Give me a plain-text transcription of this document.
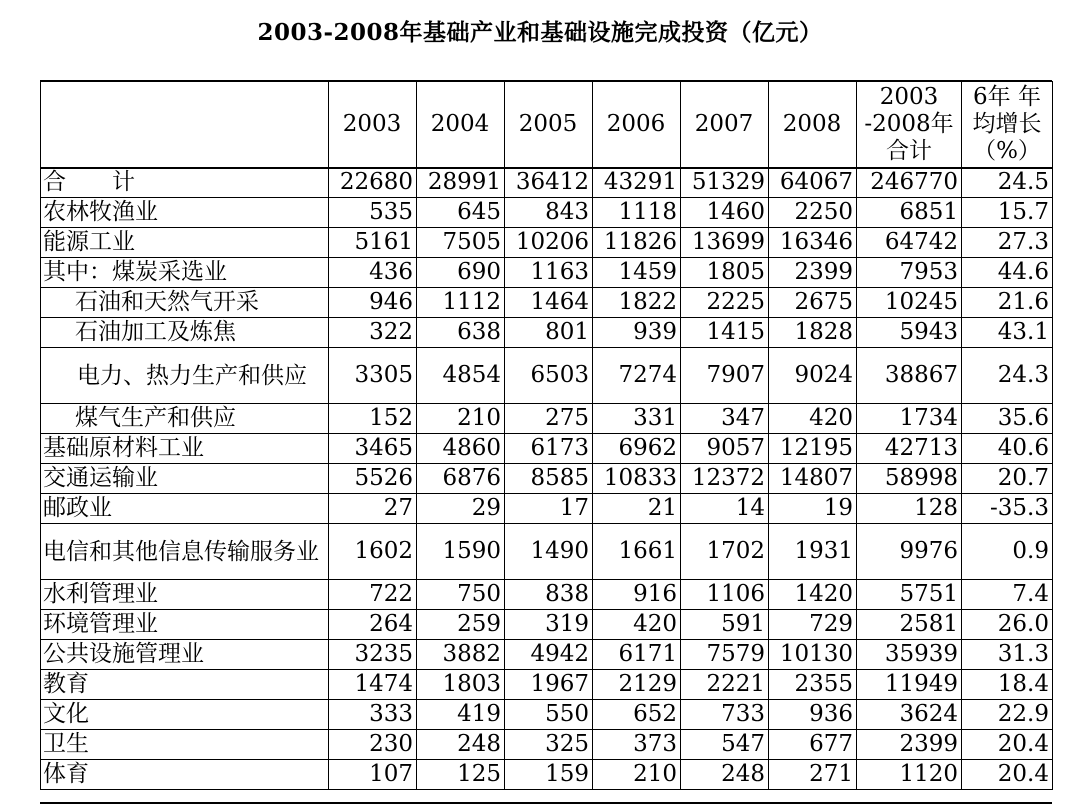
2003-2008年基础产业和基础设施完成投资（亿元）
	2003	2004	2005	2006	2007	2008	2003 -2008年 合计	6年 年均增长 （%）
合　　计	22680	28991	36412	43291	51329	64067	246770	24.5
农林牧渔业	535	645	843	1118	1460	2250	6851	15.7
能源工业	5161	7505	10206	11826	13699	16346	64742	27.3
其中：煤炭采选业	436	690	1163	1459	1805	2399	7953	44.6
石油和天然气开采	946	1112	1464	1822	2225	2675	10245	21.6
石油加工及炼焦	322	638	801	939	1415	1828	5943	43.1
电力、热力生产和供应	3305	4854	6503	7274	7907	9024	38867	24.3
煤气生产和供应	152	210	275	331	347	420	1734	35.6
基础原材料工业	3465	4860	6173	6962	9057	12195	42713	40.6
交通运输业	5526	6876	8585	10833	12372	14807	58998	20.7
邮政业	27	29	17	21	14	19	128	-35.3
电信和其他信息传输服务业	1602	1590	1490	1661	1702	1931	9976	0.9
水利管理业	722	750	838	916	1106	1420	5751	7.4
环境管理业	264	259	319	420	591	729	2581	26.0
公共设施管理业	3235	3882	4942	6171	7579	10130	35939	31.3
教育	1474	1803	1967	2129	2221	2355	11949	18.4
文化	333	419	550	652	733	936	3624	22.9
卫生	230	248	325	373	547	677	2399	20.4
体育	107	125	159	210	248	271	1120	20.4
